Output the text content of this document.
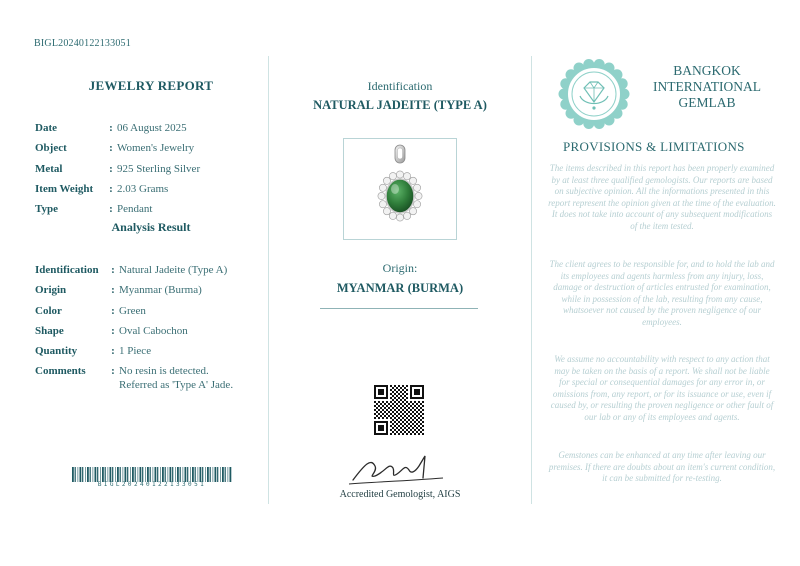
BIGL20240122133051
JEWELRY REPORT
Date	: 06 August 2025
Object	: Women's Jewelry
Metal	: 925 Sterling Silver
Item Weight	: 2.03 Grams
Type	: Pendant
Analysis Result
Identification	: Natural Jadeite (Type A)
Origin	: Myanmar (Burma)
Color	: Green
Shape	: Oval Cabochon
Quantity	: 1 Piece
Comments	: No resin is detected.
Referred as 'Type A' Jade.
BIGL20240122133051
Identification
NATURAL JADEITE (TYPE A)
Origin:
MYANMAR (BURMA)
Accredited Gemologist, AIGS
BANGKOK
INTERNATIONAL
GEMLAB
PROVISIONS & LIMITATIONS
The items described in this report has been properly examined by at least three qualified gemologists. Our reports are based on subjective opinion. All the informations presented in this report represent the opinion given at the time of the evaluation. It does not take into account of any subsequent modifications of the item tested.
The client agrees to be responsible for, and to hold the lab and its employees and agents harmless from any injury, loss, damage or destruction of articles entrusted for examination, while in possession of the lab, resulting from any cause, whatsoever not caused by the proven negligence of our employees.
We assume no accountability with respect to any action that may be taken on the basis of a report. We shall not be liable for special or consequential damages for any error in, or omissions from, any report, or for its issuance or use, even if caused by, or resulting the proven negligence or other fault of our lab or any of its employees and agents.
Gemstones can be enhanced at any time after leaving our premises. If there are doubts about an item's current condition, it can be submitted for re-testing.
